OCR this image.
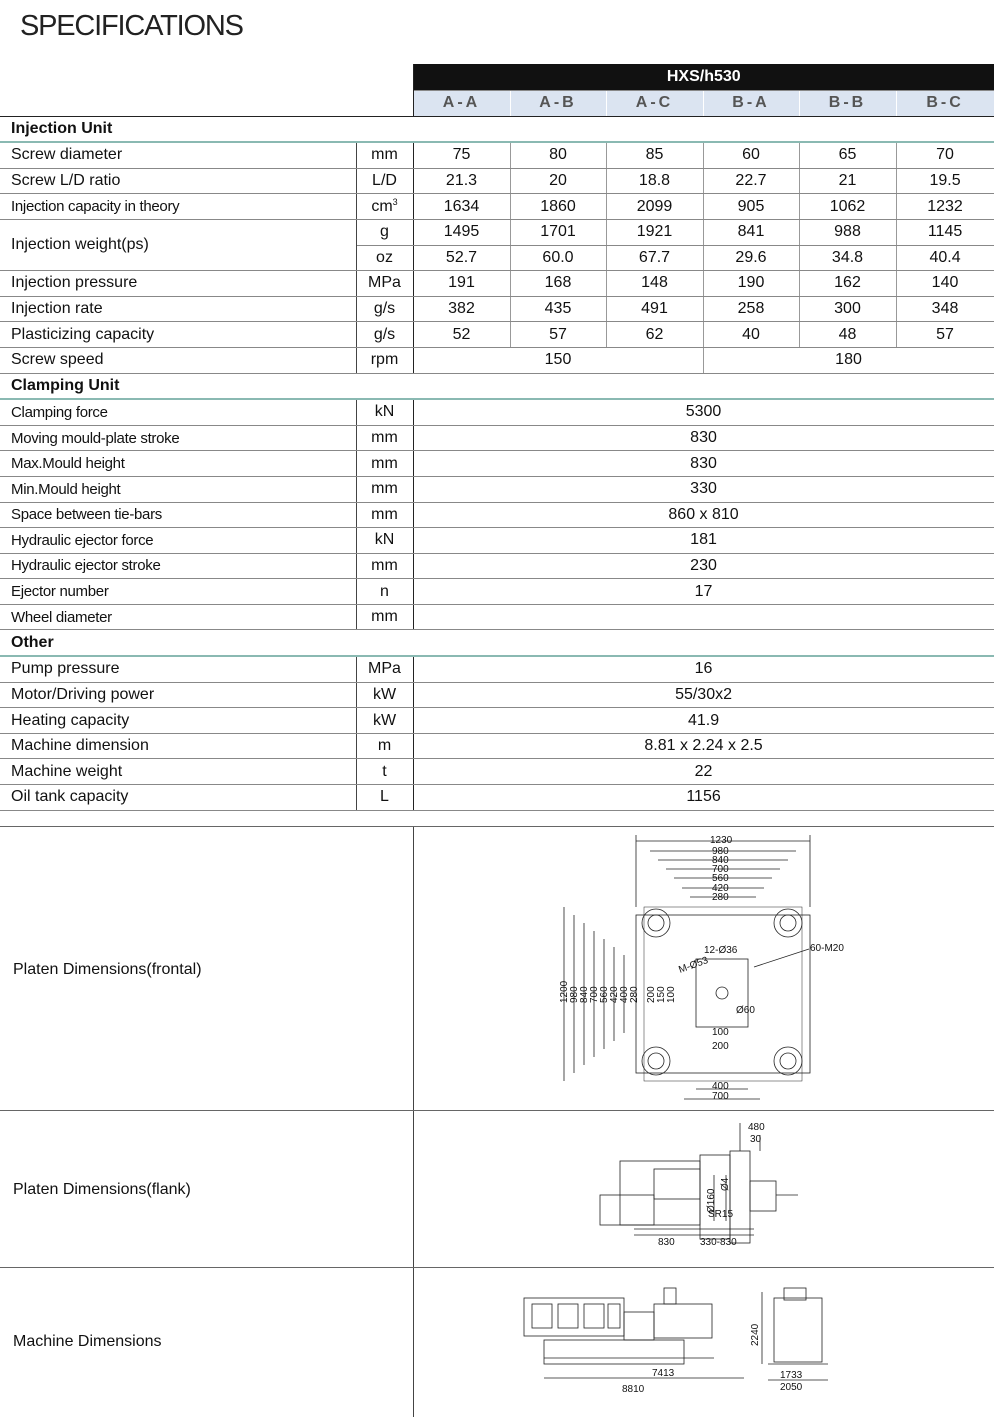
SPECIFICATIONS
		HXS/h530					
		A-A	A-B	A-C	B-A	B-B	B-C
Injection Unit							
Screw diameter	mm	75	80	85	60	65	70
Screw L/D ratio	L/D	21.3	20	18.8	22.7	21	19.5
Injection capacity in theory	$cm^3$	1634	1860	2099	905	1062	1232
Injection weight(ps)	g	1495	1701	1921	841	988	1145
	oz	52.7	60.0	67.7	29.6	34.8	40.4
Injection pressure	MPa	191	168	148	190	162	140
Injection rate	g/s	382	435	491	258	300	348
Plasticizing capacity	g/s	52	57	62	40	48	57
Screw speed	rpm	150			180		
Clamping Unit							
Clamping force	kN	5300					
Moving mould-plate stroke	mm	830					
Max.Mould height	mm	830					
Min.Mould height	mm	330					
Space between tie-bars	mm	860 x 810					
Hydraulic ejector force	kN	181					
Hydraulic ejector stroke	mm	230					
Ejector number	n	17					
Wheel diameter	mm						
Other							
Pump pressure	MPa	16					
Motor/Driving power	kW	55/30x2					
Heating capacity	kW	41.9					
Machine dimension	m	8.81 x 2.24 x 2.5					
Machine weight	t	22					
Oil tank capacity	L	1156					
Platen Dimensions(frontal)
1230
980
840
700
560
420
280
1200 980 840 700 560 420 400 280 200 150 100
100
200
400
700
12-Ø36	60-M20
M-Ø53
Ø60
Platen Dimensions(flank)
480
30
Ø160
Ø4
SR15
830	330-830
Machine Dimensions
7413
8810
2240
1733
2050
